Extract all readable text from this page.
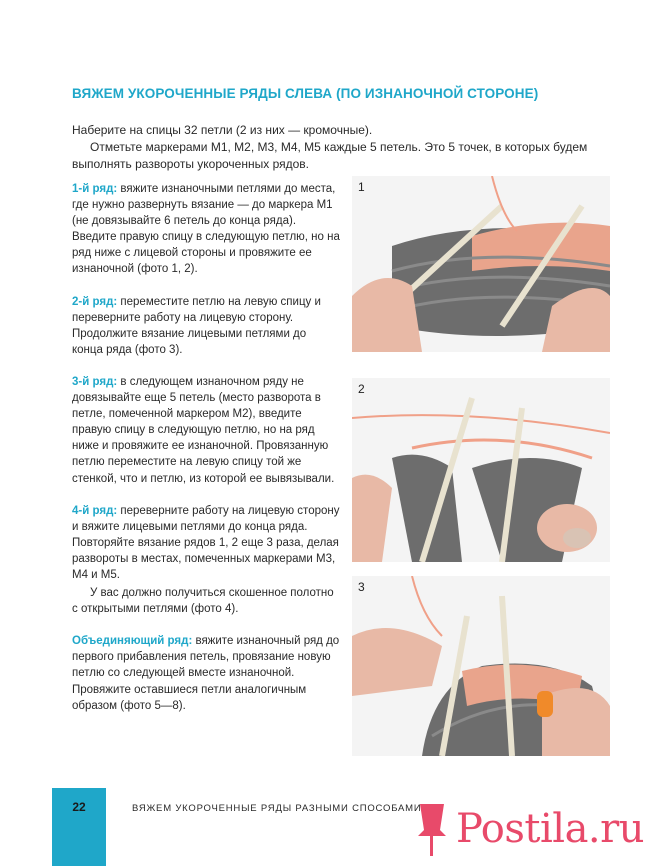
ВЯЖЕМ УКОРОЧЕННЫЕ РЯДЫ СЛЕВА (ПО ИЗНАНОЧНОЙ СТОРОНЕ)

Наберите на спицы 32 петли (2 из них — кромочные).

Отметьте маркерами М1, М2, М3, М4, М5 каждые 5 петель. Это 5 точек, в которых будем выполнять развороты укороченных рядов.

1-й ряд: вяжите изнаночными петлями до места, где нужно развернуть вязание — до маркера М1 (не довязывайте 6 петель до конца ряда). Введите правую спицу в следующую петлю, но на ряд ниже с лицевой стороны и провяжите ее изнаночной (фото 1, 2).

2-й ряд: переместите петлю на левую спицу и переверните работу на лицевую сторону. Продолжите вязание лицевыми петлями до конца ряда (фото 3).

3-й ряд: в следующем изнаночном ряду не довязывайте еще 5 петель (место разворота в петле, помеченной маркером М2), введите правую спицу в следующую петлю, но на ряд ниже и провяжите ее изнаночной. Провязанную петлю переместите на левую спицу той же стенкой, что и петлю, из которой ее вывязывали.

4-й ряд: переверните работу на лицевую сторону и вяжите лицевыми петлями до конца ряда. Повторяйте вязание рядов 1, 2 еще 3 раза, делая развороты в местах, помеченных маркерами М3, М4 и М5.

У вас должно получиться скошенное полотно с открытыми петлями (фото 4).

Объединяющий ряд: вяжите изнаночный ряд до первого прибавления петель, провязание новую петлю со следующей вместе изнаночной. Провяжите оставшиеся петли аналогичным образом (фото 5—8).

1
2
3
22	ВЯЖЕМ УКОРОЧЕННЫЕ РЯДЫ РАЗНЫМИ СПОСОБАМИ Postila.ru
